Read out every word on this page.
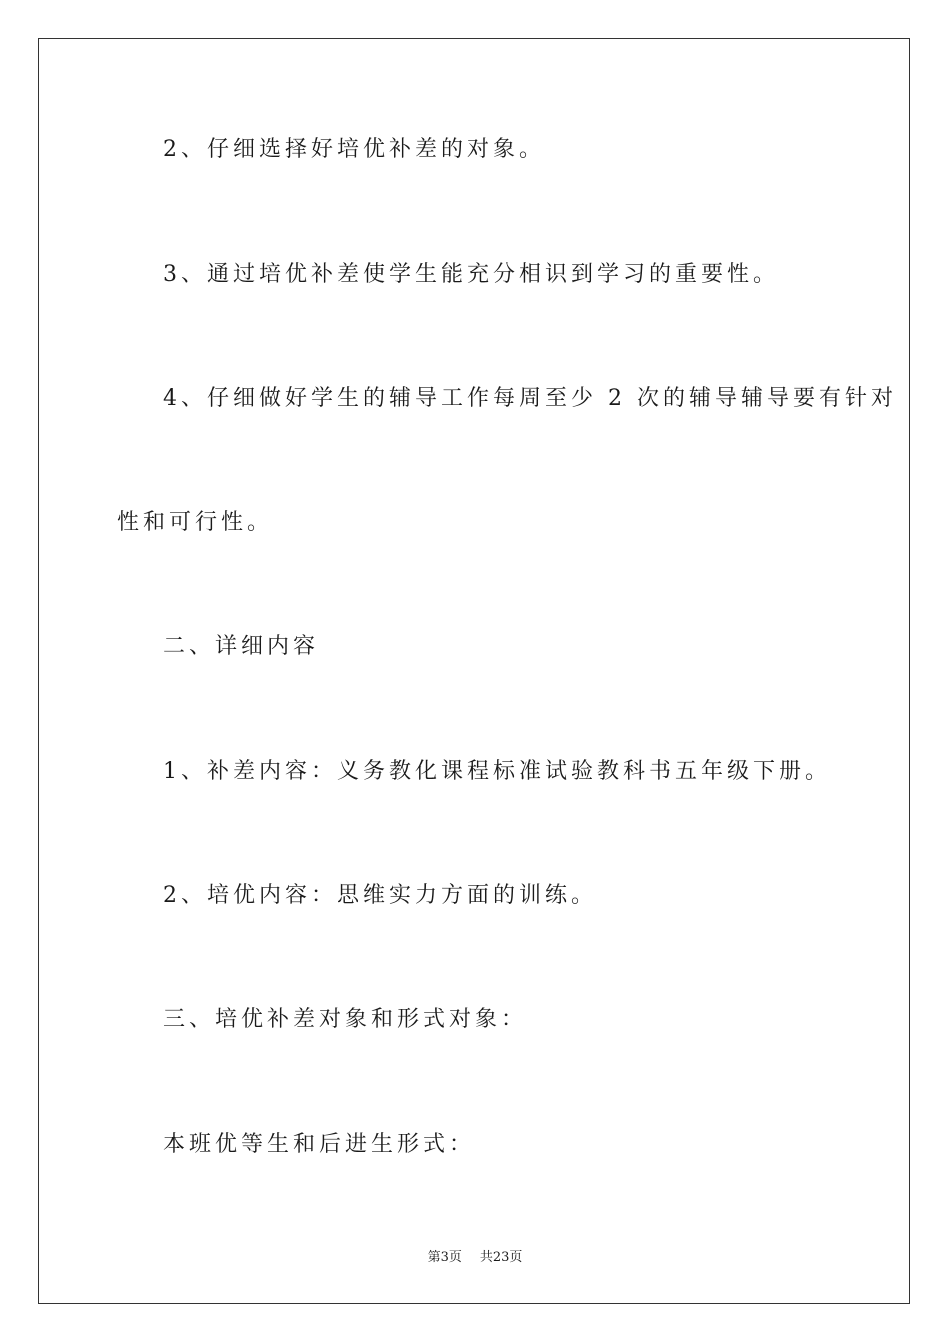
2、仔细选择好培优补差的对象。
3、通过培优补差使学生能充分相识到学习的重要性。
4、仔细做好学生的辅导工作每周至少 2 次的辅导辅导要有针对
性和可行性。
二、详细内容
1、补差内容：义务教化课程标准试验教科书五年级下册。
2、培优内容：思维实力方面的训练。
三、培优补差对象和形式对象：
本班优等生和后进生形式：
第3页 共23页
